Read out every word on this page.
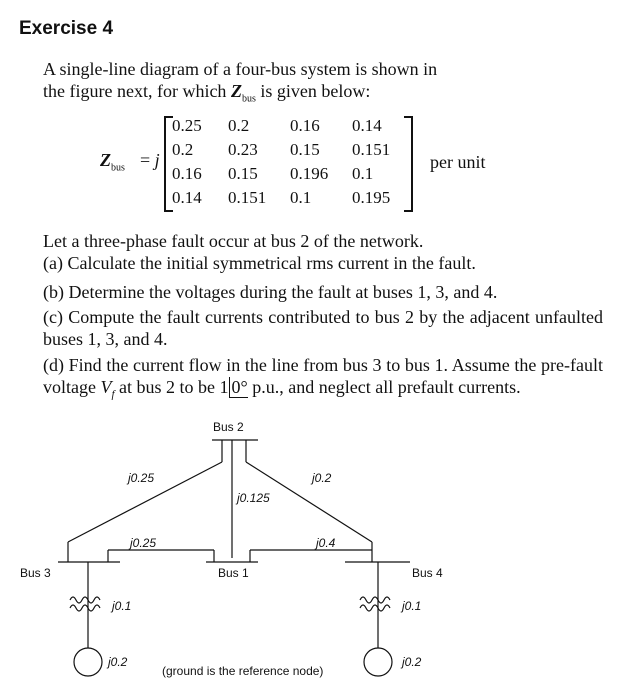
Exercise 4
A single-line diagram of a four-bus system is shown in
the figure next, for which $Z_{bus}$ is given below:
$Z_{bus} = j$
0.25	0.2	0.16	0.14
0.2	0.23	0.15	0.151
0.16	0.15	0.196	0.1
0.14	0.151	0.1	0.195
per unit
Let a three-phase fault occur at bus 2 of the network.
(a) Calculate the initial symmetrical rms current in the fault.
(b) Determine the voltages during the fault at buses 1, 3, and 4.
(c) Compute the fault currents contributed to bus 2 by the adjacent unfaulted buses 1, 3, and 4.
(d) Find the current flow in the line from bus 3 to bus 1. Assume the pre-fault voltage $V_f$ at bus 2 to be 1 0° p.u., and neglect all prefault currents.
Bus 2
Bus 1
Bus 3	Bus 4
j0.25	j0.2
j0.125
j0.25	j0.4
j0.1
j0.2
j0.1
j0.2
(ground is the reference node)
